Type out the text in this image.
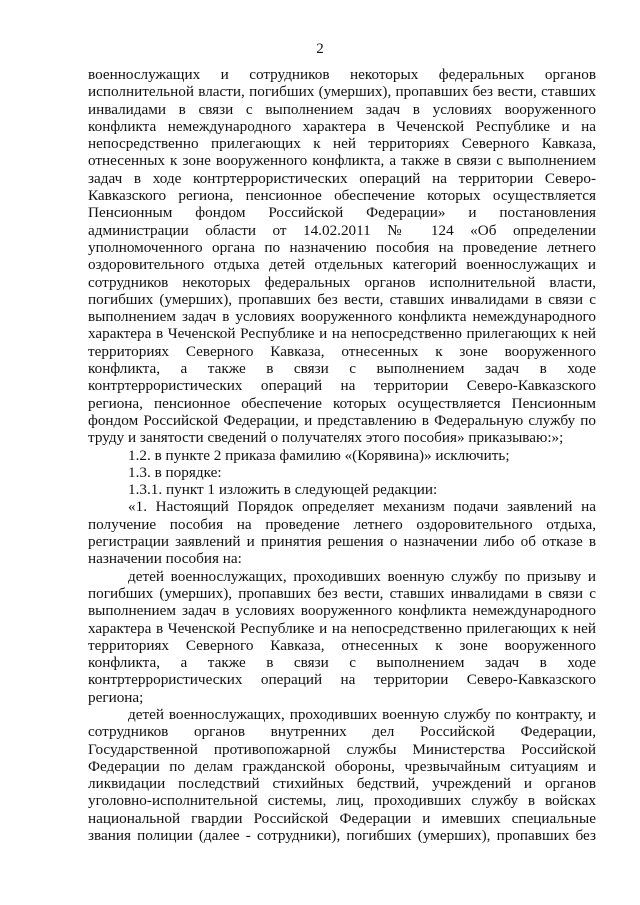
2
военнослужащих и сотрудников некоторых федеральных органов
исполнительной власти, погибших (умерших), пропавших без вести, ставших
инвалидами в связи с выполнением задач в условиях вооруженного
конфликта немеждународного характера в Чеченской Республике и на
непосредственно прилегающих к ней территориях Северного Кавказа,
отнесенных к зоне вооруженного конфликта, а также в связи с выполнением
задач в ходе контртеррористических операций на территории Северо-
Кавказского региона, пенсионное обеспечение которых осуществляется
Пенсионным фондом Российской Федерации» и постановления
администрации области от 14.02.2011 № 124 «Об определении
уполномоченного органа по назначению пособия на проведение летнего
оздоровительного отдыха детей отдельных категорий военнослужащих и
сотрудников некоторых федеральных органов исполнительной власти,
погибших (умерших), пропавших без вести, ставших инвалидами в связи с
выполнением задач в условиях вооруженного конфликта немеждународного
характера в Чеченской Республике и на непосредственно прилегающих к ней
территориях Северного Кавказа, отнесенных к зоне вооруженного
конфликта, а также в связи с выполнением задач в ходе
контртеррористических операций на территории Северо-Кавказского
региона, пенсионное обеспечение которых осуществляется Пенсионным
фондом Российской Федерации, и представлению в Федеральную службу по
труду и занятости сведений о получателях этого пособия» приказываю:»;
1.2. в пункте 2 приказа фамилию «(Корявина)» исключить;
1.3. в порядке:
1.3.1. пункт 1 изложить в следующей редакции:
«1. Настоящий Порядок определяет механизм подачи заявлений на
получение пособия на проведение летнего оздоровительного отдыха,
регистрации заявлений и принятия решения о назначении либо об отказе в
назначении пособия на:
детей военнослужащих, проходивших военную службу по призыву и
погибших (умерших), пропавших без вести, ставших инвалидами в связи с
выполнением задач в условиях вооруженного конфликта немеждународного
характера в Чеченской Республике и на непосредственно прилегающих к ней
территориях Северного Кавказа, отнесенных к зоне вооруженного
конфликта, а также в связи с выполнением задач в ходе
контртеррористических операций на территории Северо-Кавказского
региона;
детей военнослужащих, проходивших военную службу по контракту, и
сотрудников органов внутренних дел Российской Федерации,
Государственной противопожарной службы Министерства Российской
Федерации по делам гражданской обороны, чрезвычайным ситуациям и
ликвидации последствий стихийных бедствий, учреждений и органов
уголовно-исполнительной системы, лиц, проходивших службу в войсках
национальной гвардии Российской Федерации и имевших специальные
звания полиции (далее - сотрудники), погибших (умерших), пропавших без
